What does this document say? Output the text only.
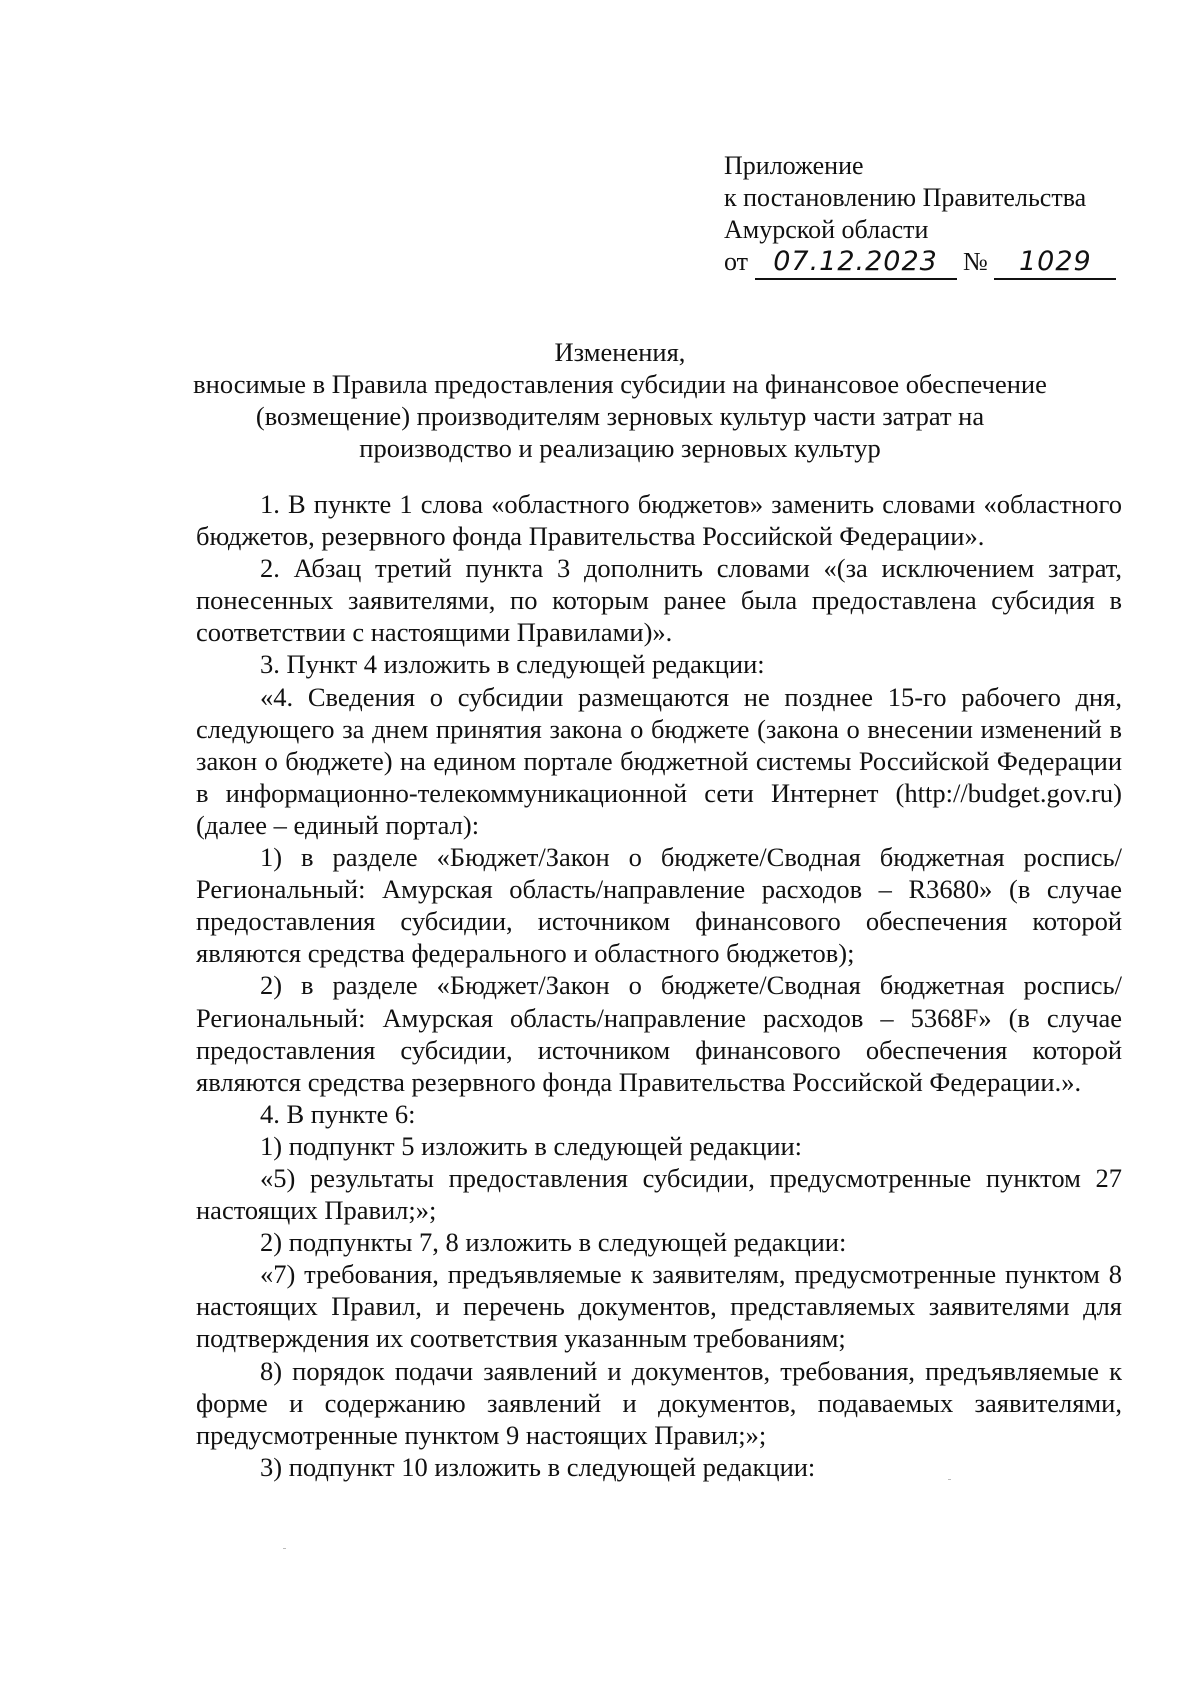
Приложение
к постановлению Правительства
Амурской области
от 07.12.2023 № 1029
Изменения,
вносимые в Правила предоставления субсидии на финансовое обеспечение (возмещение) производителям зерновых культур части затрат на производство и реализацию зерновых культур

1. В пункте 1 слова «областного бюджетов» заменить словами «областного бюджетов, резервного фонда Правительства Российской Федерации».

2. Абзац третий пункта 3 дополнить словами «(за исключением затрат, понесенных заявителями, по которым ранее была предоставлена субсидия в соответствии с настоящими Правилами)».

3. Пункт 4 изложить в следующей редакции:

«4. Сведения о субсидии размещаются не позднее 15-го рабочего дня, следующего за днем принятия закона о бюджете (закона о внесении изменений в закон о бюджете) на едином портале бюджетной системы Российской Федерации в информационно-телекоммуникационной сети Интернет (http://budget.gov.ru) (далее – единый портал):

1) в разделе «Бюджет/Закон о бюджете/Сводная бюджетная роспись/Региональный: Амурская область/направление расходов – R3680» (в случае предоставления субсидии, источником финансового обеспечения которой являются средства федерального и областного бюджетов);

2) в разделе «Бюджет/Закон о бюджете/Сводная бюджетная роспись/Региональный: Амурская область/направление расходов – 5368F» (в случае предоставления субсидии, источником финансового обеспечения которой являются средства резервного фонда Правительства Российской Федерации.».

4. В пункте 6:

1) подпункт 5 изложить в следующей редакции:

«5) результаты предоставления субсидии, предусмотренные пунктом 27 настоящих Правил;»;

2) подпункты 7, 8 изложить в следующей редакции:

«7) требования, предъявляемые к заявителям, предусмотренные пунктом 8 настоящих Правил, и перечень документов, представляемых заявителями для подтверждения их соответствия указанным требованиям;

8) порядок подачи заявлений и документов, требования, предъявляемые к форме и содержанию заявлений и документов, подаваемых заявителями, предусмотренные пунктом 9 настоящих Правил;»;

3) подпункт 10 изложить в следующей редакции:
